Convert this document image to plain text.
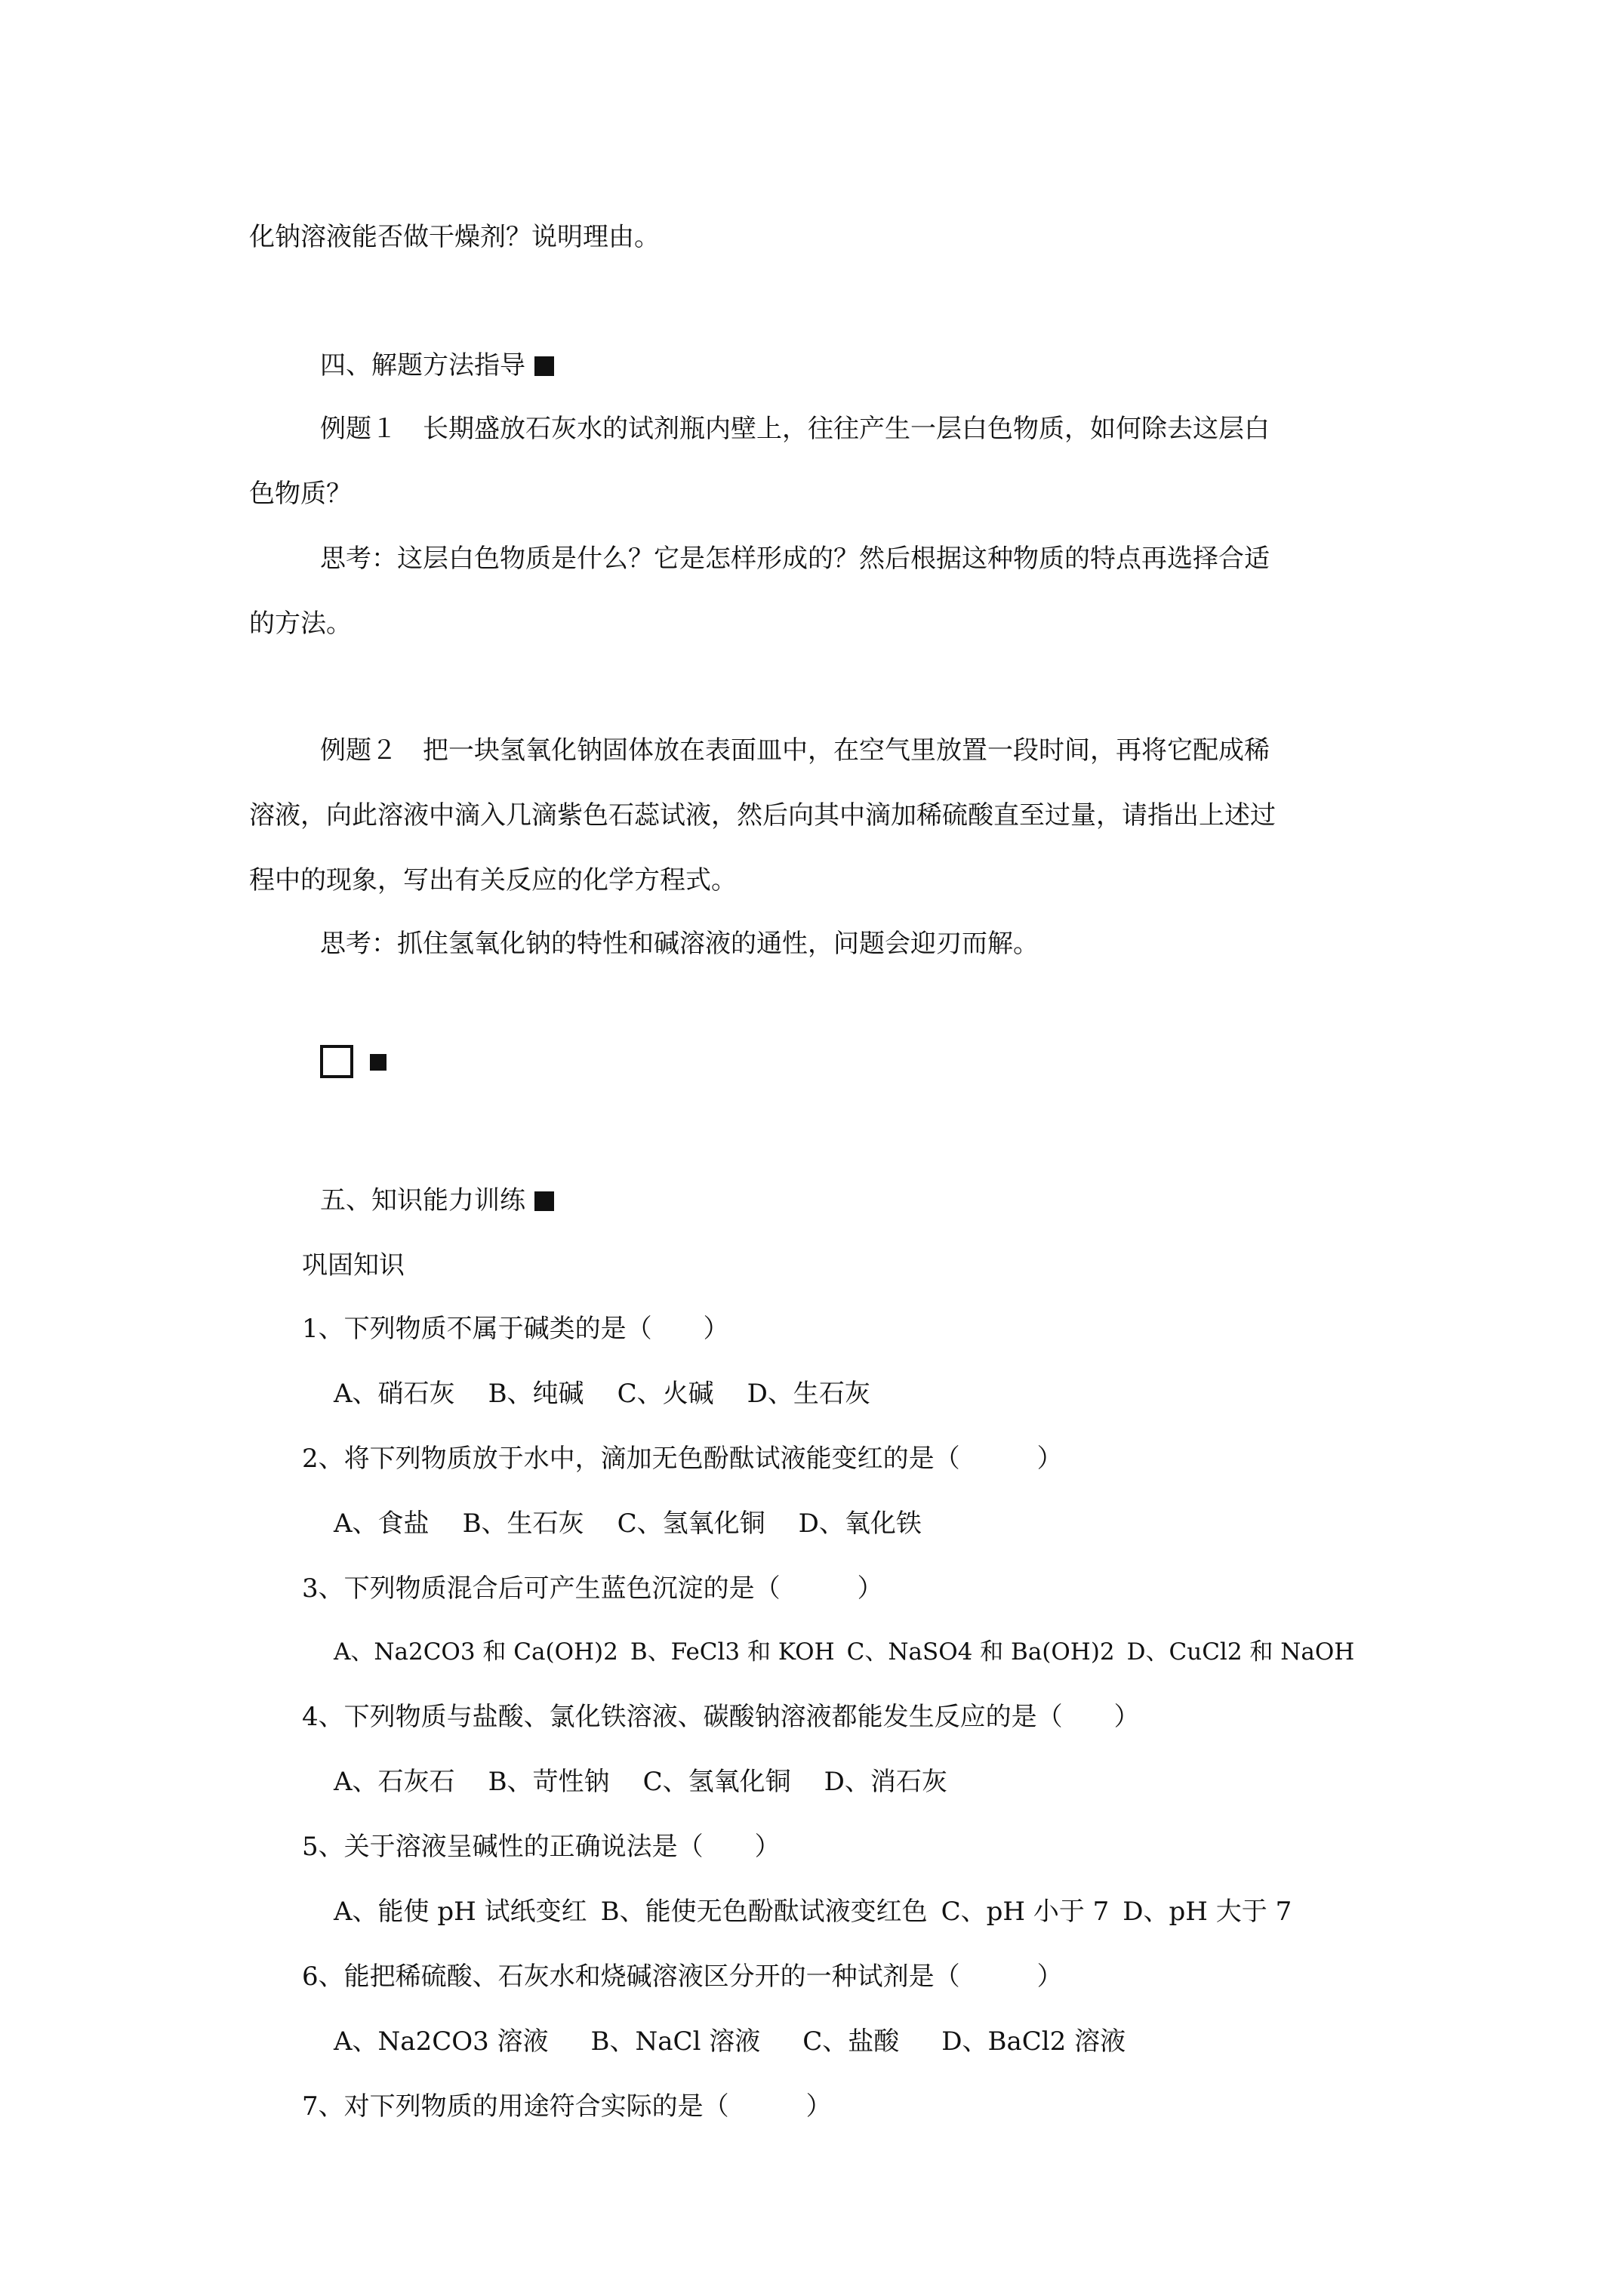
化钠溶液能否做干燥剂？说明理由。
四、解题方法指导
例题１　长期盛放石灰水的试剂瓶内壁上，往往产生一层白色物质，如何除去这层白
色物质？
思考：这层白色物质是什么？它是怎样形成的？然后根据这种物质的特点再选择合适
的方法。
例题２　把一块氢氧化钠固体放在表面皿中，在空气里放置一段时间，再将它配成稀
溶液，向此溶液中滴入几滴紫色石蕊试液，然后向其中滴加稀硫酸直至过量，请指出上述过
程中的现象，写出有关反应的化学方程式。
思考：抓住氢氧化钠的特性和碱溶液的通性，问题会迎刃而解。
五、知识能力训练
巩固知识
1、下列物质不属于碱类的是（　　）
A、硝石灰 B、纯碱 C、火碱 D、生石灰
2、将下列物质放于水中，滴加无色酚酞试液能变红的是（　　　）
A、食盐 B、生石灰 C、氢氧化铜 D、氧化铁
3、下列物质混合后可产生蓝色沉淀的是（　　　）
A、Na2CO3 和 Ca(OH)2 B、FeCl3 和 KOH C、NaSO4 和 Ba(OH)2 D、CuCl2 和 NaOH
4、下列物质与盐酸、氯化铁溶液、碳酸钠溶液都能发生反应的是（　　）
A、石灰石 B、苛性钠 C、氢氧化铜 D、消石灰
5、关于溶液呈碱性的正确说法是（　　）
A、能使 pH 试纸变红 B、能使无色酚酞试液变红色 C、pH 小于 7 D、pH 大于 7
6、能把稀硫酸、石灰水和烧碱溶液区分开的一种试剂是（　　　）
A、Na2CO3 溶液 B、NaCl 溶液 C、盐酸 D、BaCl2 溶液
7、对下列物质的用途符合实际的是（　　　）
